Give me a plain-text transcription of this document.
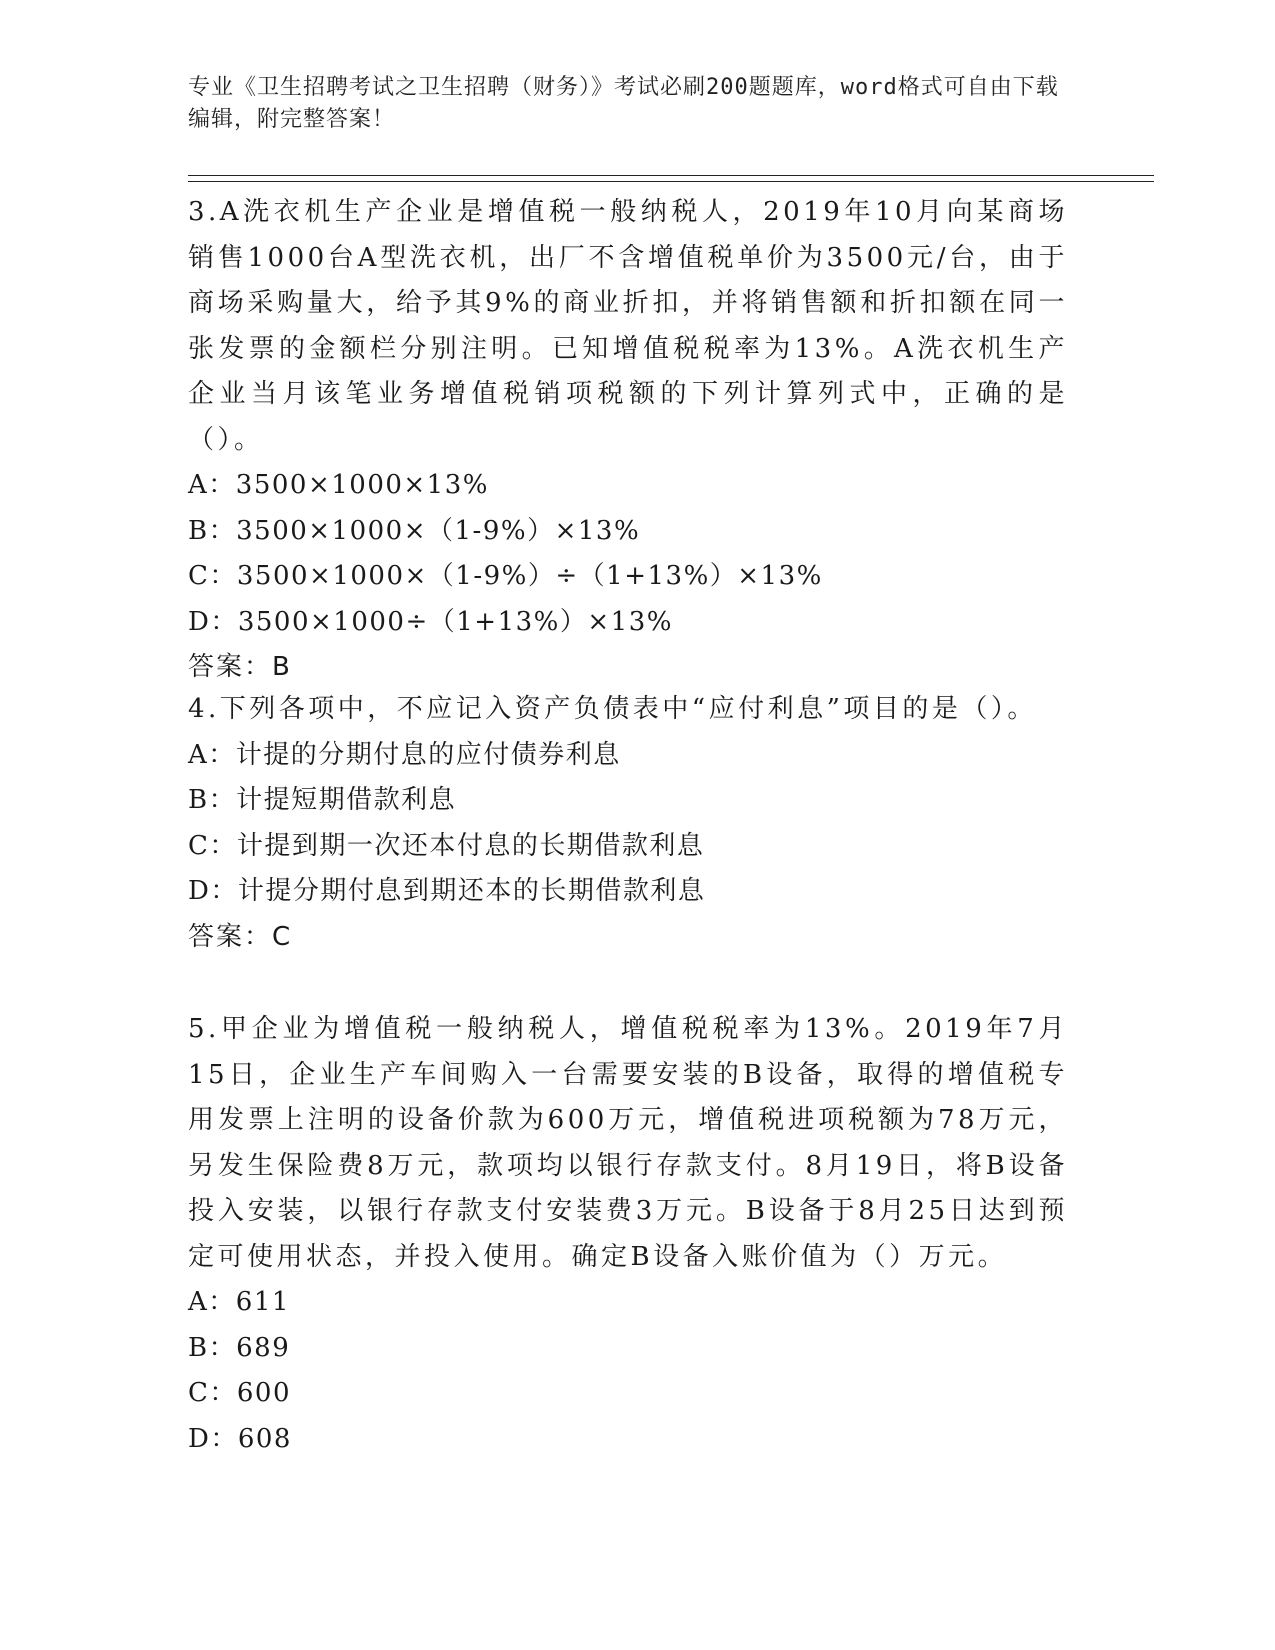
专业《卫生招聘考试之卫生招聘（财务）》考试必刷200题题库，word格式可自由下载编辑，附完整答案！

3.A洗衣机生产企业是增值税一般纳税人，2019年10月向某商场销售1000台A型洗衣机，出厂不含增值税单价为3500元/台，由于商场采购量大，给予其9%的商业折扣，并将销售额和折扣额在同一张发票的金额栏分别注明。已知增值税税率为13%。A洗衣机生产企业当月该笔业务增值税销项税额的下列计算列式中，正确的是（）。

A：3500×1000×13%

B：3500×1000×（1-9%）×13%

C：3500×1000×（1-9%）÷（1+13%）×13%

D：3500×1000÷（1+13%）×13%

答案：B

4.下列各项中，不应记入资产负债表中“应付利息”项目的是（）。

A：计提的分期付息的应付债券利息

B：计提短期借款利息

C：计提到期一次还本付息的长期借款利息

D：计提分期付息到期还本的长期借款利息

答案：C

5.甲企业为增值税一般纳税人，增值税税率为13%。2019年7月15日，企业生产车间购入一台需要安装的B设备，取得的增值税专用发票上注明的设备价款为600万元，增值税进项税额为78万元，另发生保险费8万元，款项均以银行存款支付。8月19日，将B设备投入安装，以银行存款支付安装费3万元。B设备于8月25日达到预定可使用状态，并投入使用。确定B设备入账价值为（）万元。

A：611

B：689

C：600

D：608
